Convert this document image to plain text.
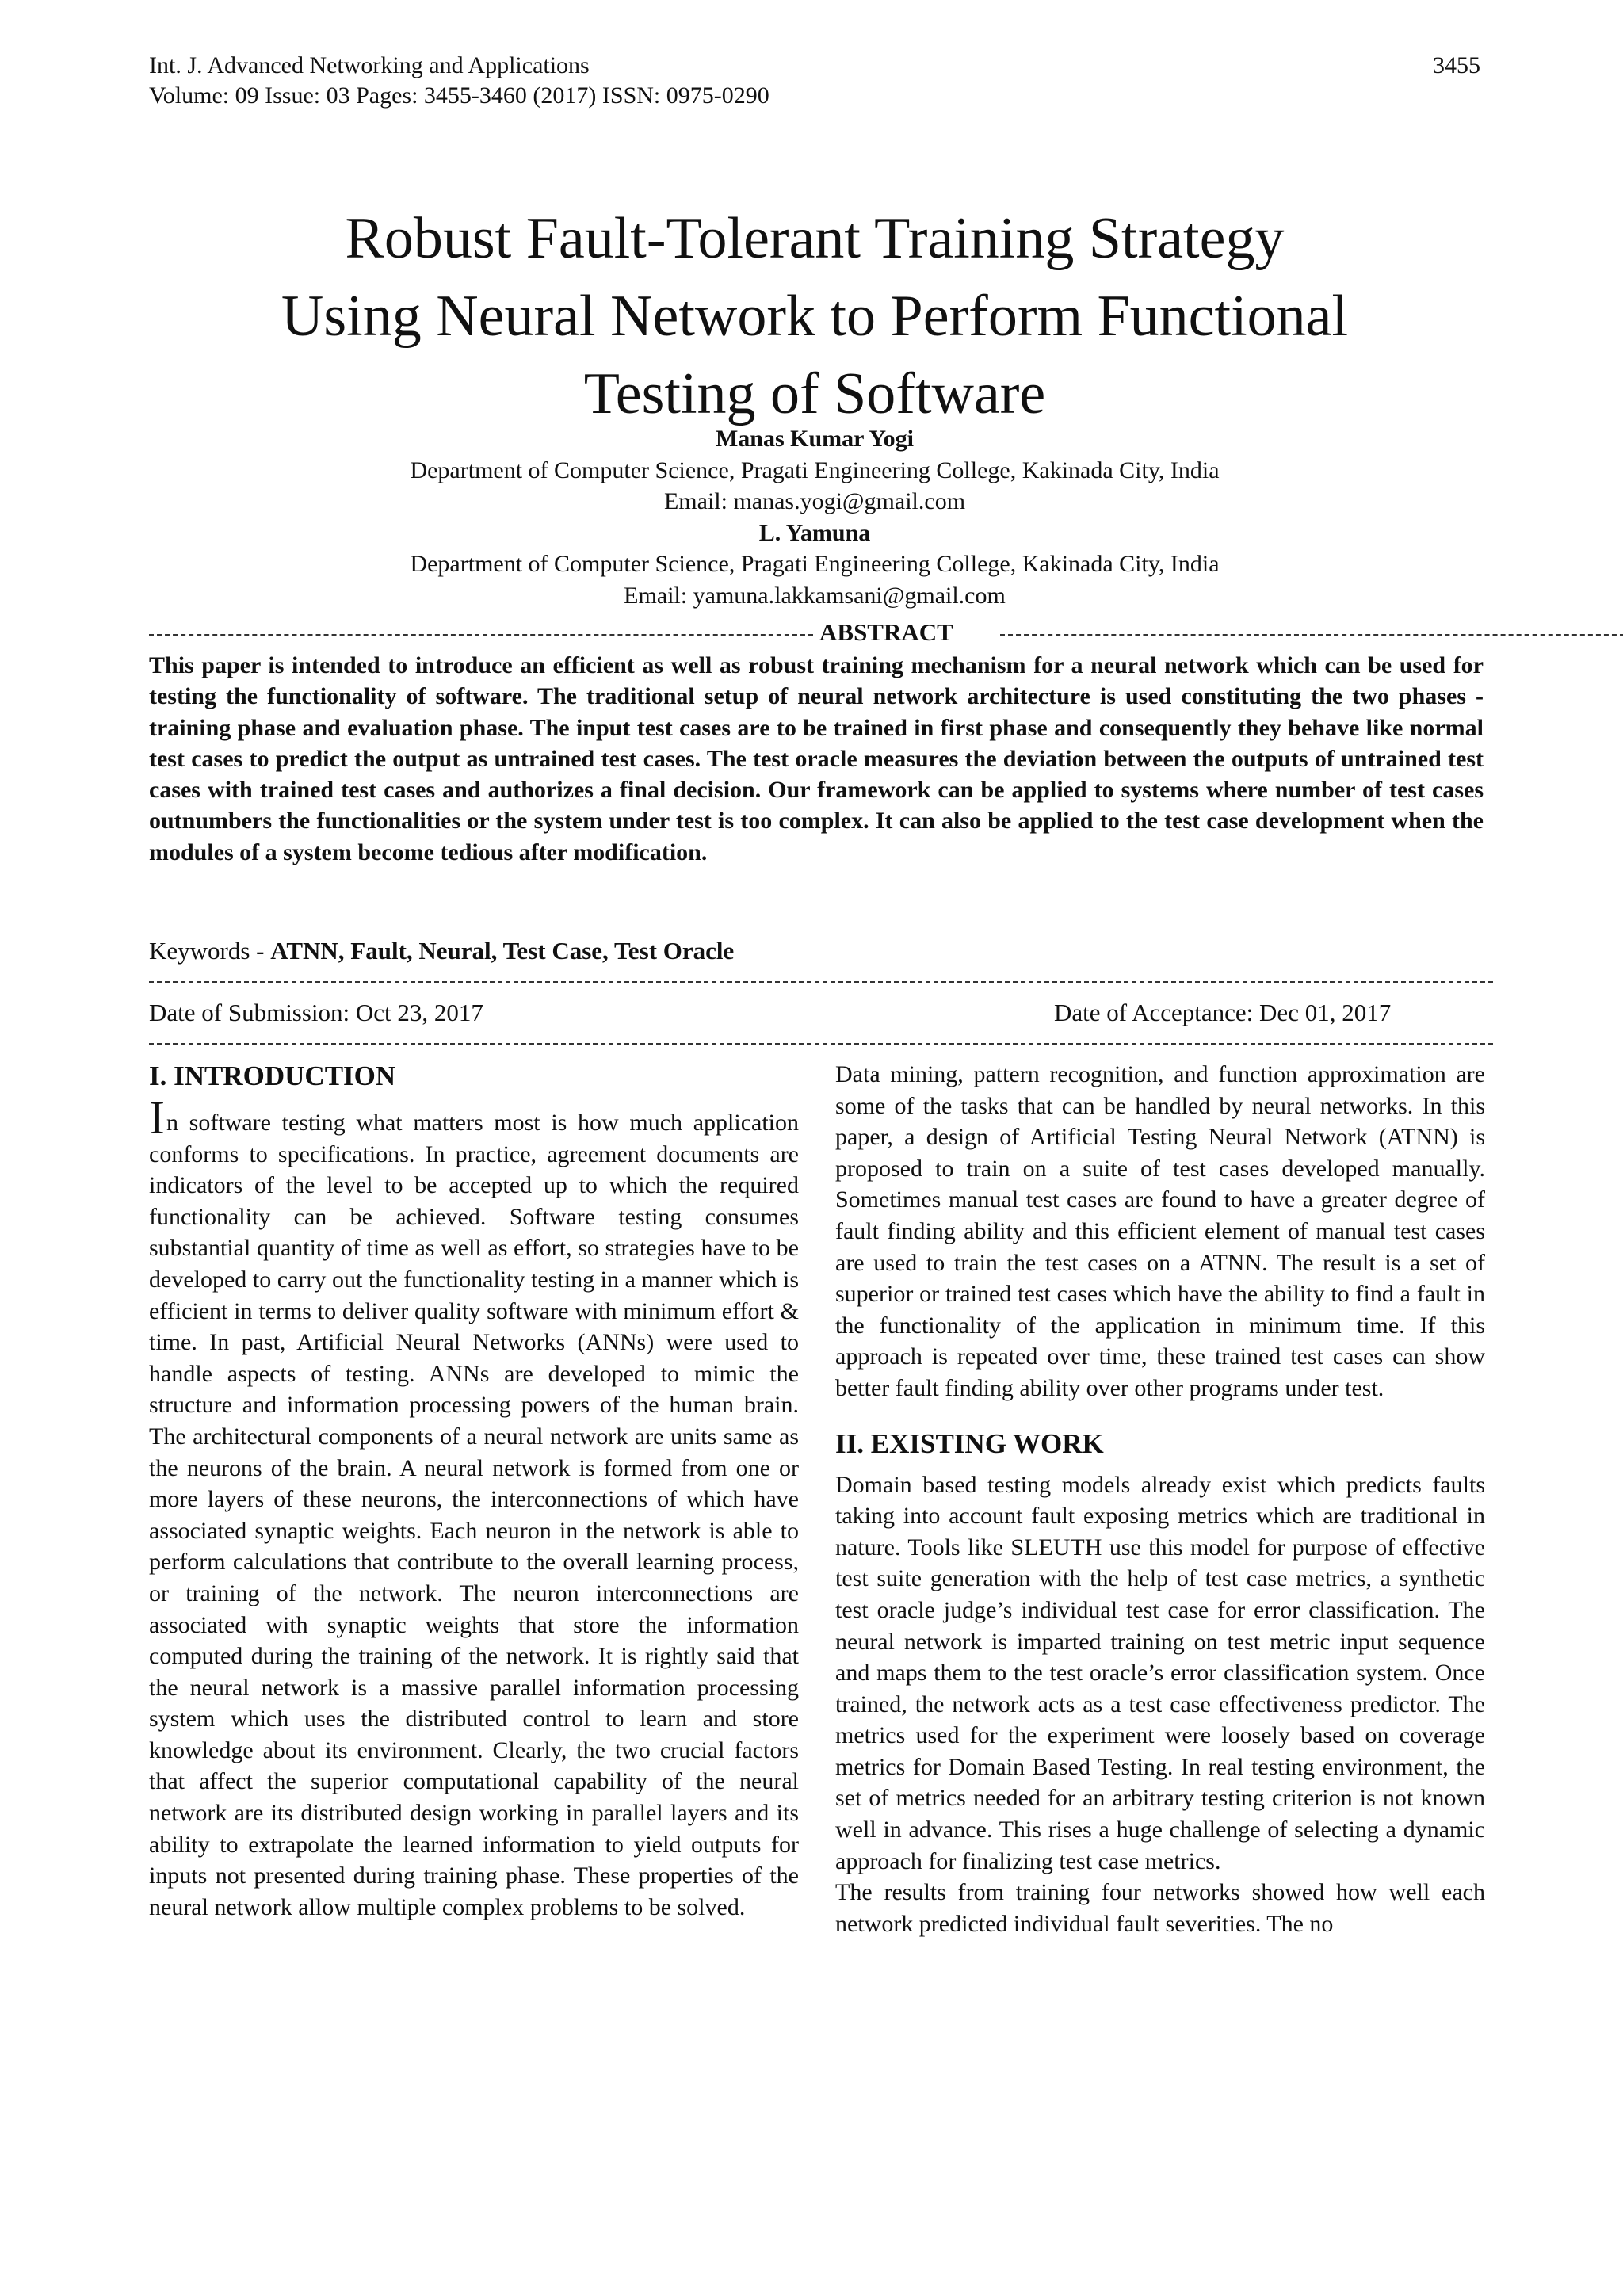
Int. J. Advanced Networking and Applications
Volume: 09 Issue: 03 Pages: 3455-3460 (2017) ISSN: 0975-0290
3455
Robust Fault-Tolerant Training Strategy
Using Neural Network to Perform Functional
Testing of Software
Manas Kumar Yogi
Department of Computer Science, Pragati Engineering College, Kakinada City, India
Email: manas.yogi@gmail.com
L. Yamuna
Department of Computer Science, Pragati Engineering College, Kakinada City, India
Email: yamuna.lakkamsani@gmail.com
ABSTRACT

This paper is intended to introduce an efficient as well as robust training mechanism for a neural network which can be used for testing the functionality of software. The traditional setup of neural network architecture is used constituting the two phases -training phase and evaluation phase. The input test cases are to be trained in first phase and consequently they behave like normal test cases to predict the output as untrained test cases. The test oracle measures the deviation between the outputs of untrained test cases with trained test cases and authorizes a final decision. Our framework can be applied to systems where number of test cases outnumbers the functionalities or the system under test is too complex. It can also be applied to the test case development when the modules of a system become tedious after modification.

Keywords - ATNN, Fault, Neural, Test Case, Test Oracle
Date of Submission: Oct 23, 2017	Date of Acceptance: Dec 01, 2017
I. INTRODUCTION

In software testing what matters most is how much application conforms to specifications. In practice, agreement documents are indicators of the level to be accepted up to which the required functionality can be achieved. Software testing consumes substantial quantity of time as well as effort, so strategies have to be developed to carry out the functionality testing in a manner which is efficient in terms to deliver quality software with minimum effort & time. In past, Artificial Neural Networks (ANNs) were used to handle aspects of testing. ANNs are developed to mimic the structure and information processing powers of the human brain. The architectural components of a neural network are units same as the neurons of the brain. A neural network is formed from one or more layers of these neurons, the interconnections of which have associated synaptic weights. Each neuron in the network is able to perform calculations that contribute to the overall learning process, or training of the network. The neuron interconnections are associated with synaptic weights that store the information computed during the training of the network. It is rightly said that the neural network is a massive parallel information processing system which uses the distributed control to learn and store knowledge about its environment. Clearly, the two crucial factors that affect the superior computational capability of the neural network are its distributed design working in parallel layers and its ability to extrapolate the learned information to yield outputs for inputs not presented during training phase. These properties of the neural network allow multiple complex problems to be solved.

Data mining, pattern recognition, and function approximation are some of the tasks that can be handled by neural networks. In this paper, a design of Artificial Testing Neural Network (ATNN) is proposed to train on a suite of test cases developed manually. Sometimes manual test cases are found to have a greater degree of fault finding ability and this efficient element of manual test cases are used to train the test cases on a ATNN. The result is a set of superior or trained test cases which have the ability to find a fault in the functionality of the application in minimum time. If this approach is repeated over time, these trained test cases can show better fault finding ability over other programs under test.

II. EXISTING WORK

Domain based testing models already exist which predicts faults taking into account fault exposing metrics which are traditional in nature. Tools like SLEUTH use this model for purpose of effective test suite generation with the help of test case metrics, a synthetic test oracle judge’s individual test case for error classification. The neural network is imparted training on test metric input sequence and maps them to the test oracle’s error classification system. Once trained, the network acts as a test case effectiveness predictor. The metrics used for the experiment were loosely based on coverage metrics for Domain Based Testing. In real testing environment, the set of metrics needed for an arbitrary testing criterion is not known well in advance. This rises a huge challenge of selecting a dynamic approach for finalizing test case metrics.

The results from training four networks showed how well each network predicted individual fault severities. The no
